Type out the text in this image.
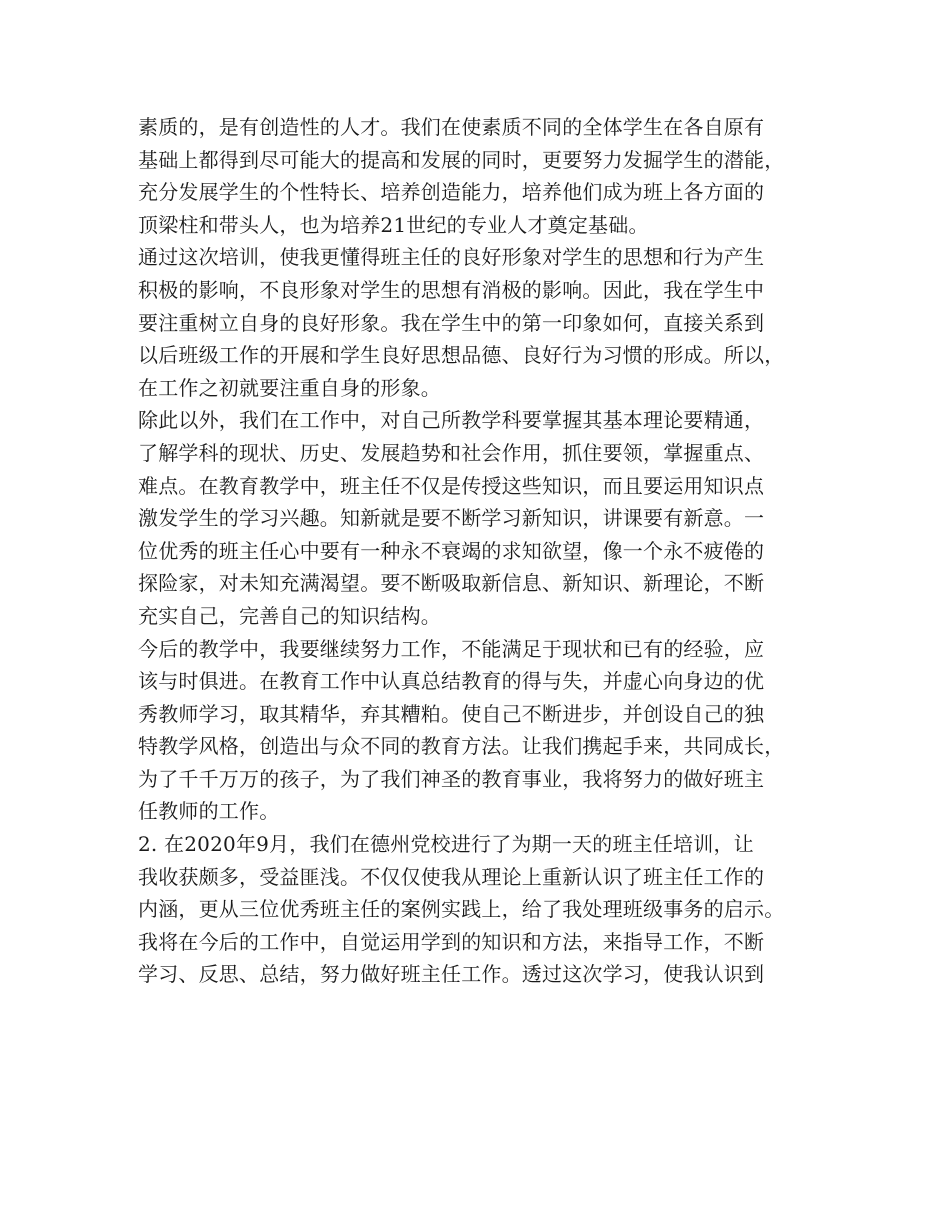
素质的，是有创造性的人才。我们在使素质不同的全体学生在各自原有
基础上都得到尽可能大的提高和发展的同时，更要努力发掘学生的潜能，
充分发展学生的个性特长、培养创造能力，培养他们成为班上各方面的
顶梁柱和带头人，也为培养21世纪的专业人才奠定基础。
通过这次培训，使我更懂得班主任的良好形象对学生的思想和行为产生
积极的影响，不良形象对学生的思想有消极的影响。因此，我在学生中
要注重树立自身的良好形象。我在学生中的第一印象如何，直接关系到
以后班级工作的开展和学生良好思想品德、良好行为习惯的形成。所以，
在工作之初就要注重自身的形象。
除此以外，我们在工作中，对自己所教学科要掌握其基本理论要精通，
了解学科的现状、历史、发展趋势和社会作用，抓住要领，掌握重点、
难点。在教育教学中，班主任不仅是传授这些知识，而且要运用知识点
激发学生的学习兴趣。知新就是要不断学习新知识，讲课要有新意。一
位优秀的班主任心中要有一种永不衰竭的求知欲望，像一个永不疲倦的
探险家，对未知充满渴望。要不断吸取新信息、新知识、新理论，不断
充实自己，完善自己的知识结构。
今后的教学中，我要继续努力工作，不能满足于现状和已有的经验，应
该与时俱进。在教育工作中认真总结教育的得与失，并虚心向身边的优
秀教师学习，取其精华，弃其糟粕。使自己不断进步，并创设自己的独
特教学风格，创造出与众不同的教育方法。让我们携起手来，共同成长，
为了千千万万的孩子，为了我们神圣的教育事业，我将努力的做好班主
任教师的工作。
2. 在2020年9月，我们在德州党校进行了为期一天的班主任培训，让
我收获颇多，受益匪浅。不仅仅使我从理论上重新认识了班主任工作的
内涵，更从三位优秀班主任的案例实践上，给了我处理班级事务的启示。
我将在今后的工作中，自觉运用学到的知识和方法，来指导工作，不断
学习、反思、总结，努力做好班主任工作。透过这次学习，使我认识到
